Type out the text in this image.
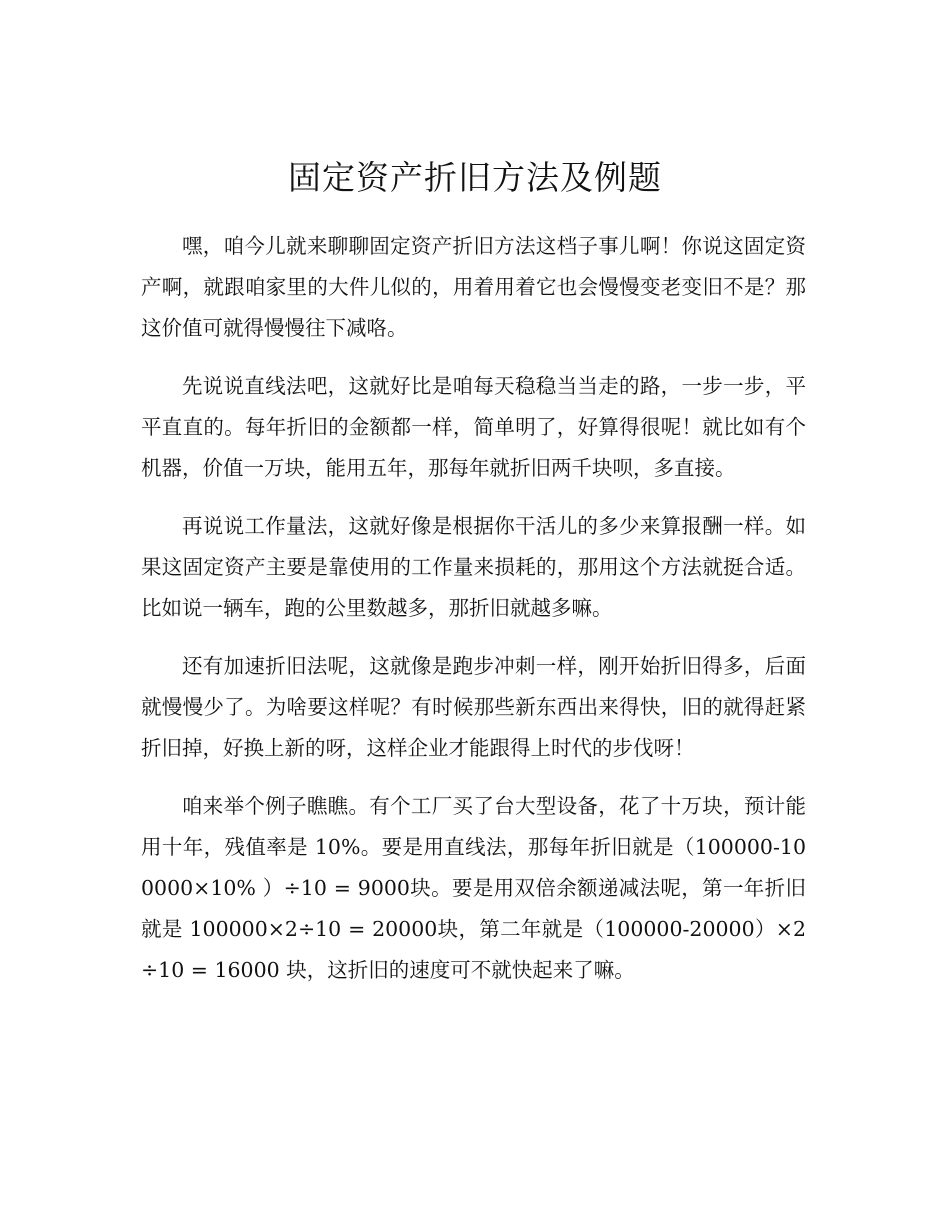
固定资产折旧方法及例题

嘿，咱今儿就来聊聊固定资产折旧方法这档子事儿啊！你说这固定资产啊，就跟咱家里的大件儿似的，用着用着它也会慢慢变老变旧不是？那这价值可就得慢慢往下减咯。

先说说直线法吧，这就好比是咱每天稳稳当当走的路，一步一步，平平直直的。每年折旧的金额都一样，简单明了，好算得很呢！就比如有个机器，价值一万块，能用五年，那每年就折旧两千块呗，多直接。

再说说工作量法，这就好像是根据你干活儿的多少来算报酬一样。如果这固定资产主要是靠使用的工作量来损耗的，那用这个方法就挺合适。比如说一辆车，跑的公里数越多，那折旧就越多嘛。

还有加速折旧法呢，这就像是跑步冲刺一样，刚开始折旧得多，后面就慢慢少了。为啥要这样呢？有时候那些新东西出来得快，旧的就得赶紧折旧掉，好换上新的呀，这样企业才能跟得上时代的步伐呀！

咱来举个例子瞧瞧。有个工厂买了台大型设备，花了十万块，预计能用十年，残值率是 10%。要是用直线法，那每年折旧就是（100000-100000×10% ）÷10 = 9000块。要是用双倍余额递减法呢，第一年折旧就是 100000×2÷10 = 20000块，第二年就是（100000-20000）×2÷10 = 16000 块，这折旧的速度可不就快起来了嘛。
